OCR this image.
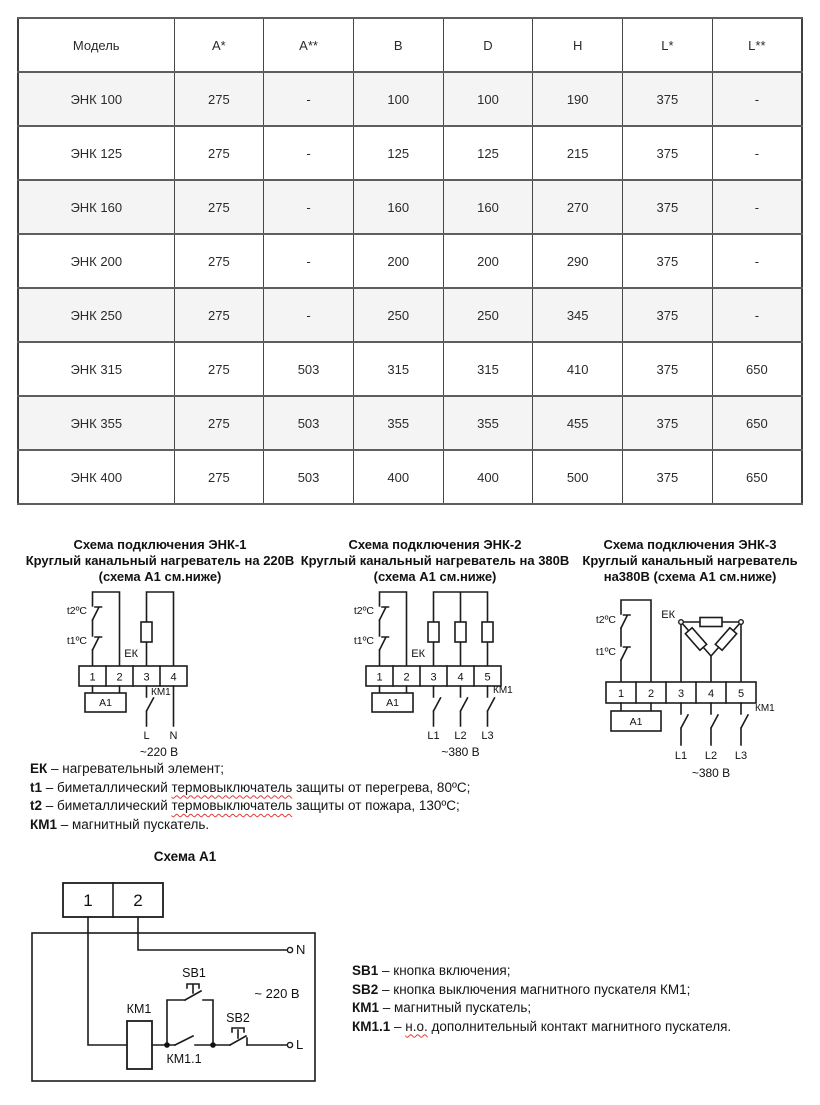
Модель	A*	A**	B	D	H	L*	L**
ЭНК 100	275	-	100	100	190	375	-
ЭНК 125	275	-	125	125	215	375	-
ЭНК 160	275	-	160	160	270	375	-
ЭНК 200	275	-	200	200	290	375	-
ЭНК 250	275	-	250	250	345	375	-
ЭНК 315	275	503	315	315	410	375	650
ЭНК 355	275	503	355	355	455	375	650
ЭНК 400	275	503	400	400	500	375	650
Схема подключения ЭНК-1
Круглый канальный нагреватель на 220В
(схема А1 см.ниже)
Схема подключения ЭНК-2
Круглый канальный нагреватель на 380В
(схема А1 см.ниже)
Схема подключения ЭНК-3
Круглый канальный нагреватель
на380В (схема А1 см.ниже)
t2ºC
t1ºC
ЕК
КМ1
1 2 3 4
А1
L N
~220 В
t2ºC
t1ºC
ЕК
КМ1
1 2 3 4 5
А1
L1 L2 L3
~380 В
t2ºC
t1ºC
ЕК
КМ1
1 2 3 4 5
А1
L1 L2 L3
~380 В
ЕК – нагревательный элемент;
t1 – биметаллический термовыключатель защиты от перегрева, 80ºС;
t2 – биметаллический термовыключатель защиты от пожара, 130ºС;
КМ1 – магнитный пускатель.
Схема А1
1 2
N
L
КМ1
КМ1.1
SB1
SB2
~ 220 В
SB1 – кнопка включения;
SB2 – кнопка выключения магнитного пускателя КМ1;
КМ1 – магнитный пускатель;
КМ1.1 – н.о. дополнительный контакт магнитного пускателя.
